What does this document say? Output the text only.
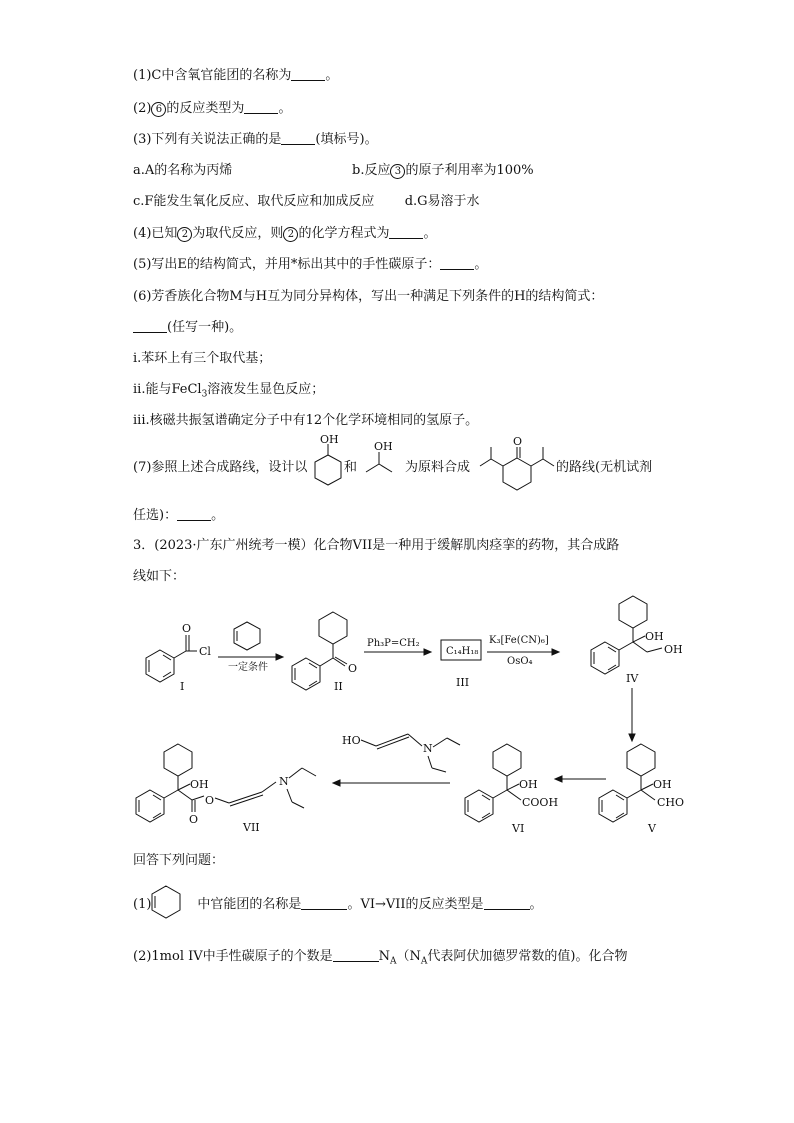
(1)C中含氧官能团的名称为	。
(2) 6 的反应类型为	。
(3)下列有关说法正确的是	(填标号)。
a.A的名称为丙烯	b.反应 3 的原子利用率为100%
c.F能发生氧化反应、取代反应和加成反应 d.G易溶于水
(4)已知 2 为取代反应，则 2 的化学方程式为	。
(5)写出E的结构简式，并用*标出其中的手性碳原子：	。
(6)芳香族化合物M与H互为同分异构体，写出一种满足下列条件的H的结构简式：
(任写一种)。
i.苯环上有三个取代基；
ii.能与FeCl$_3$溶液发生显色反应；
iii.核磁共振氢谱确定分子中有12个化学环境相同的氢原子。
(7)参照上述合成路线，设计以	和	为原料合成	的路线(无机试剂
任选)：	。
3．(2023·广东广州统考一模）化合物VII是一种用于缓解肌肉痉挛的药物，其合成路
线如下：
回答下列问题：
(1)	中官能团的名称是	。VI→VII的反应类型是	。
(2)1mol IV中手性碳原子的个数是	$N_A(N_A$代表阿伏加德罗常数的值)。化合物
OH
OH	O
O
Cl
I
一定条件	O
II
Ph₃P=CH₂
C₁₄H₁₈
III
K₃[Fe(CN)₆]
OsO₄
OH
OH
IV
OH
CHO
V
OH
COOH
VI
HO
N
OH
O
O
N
VII
